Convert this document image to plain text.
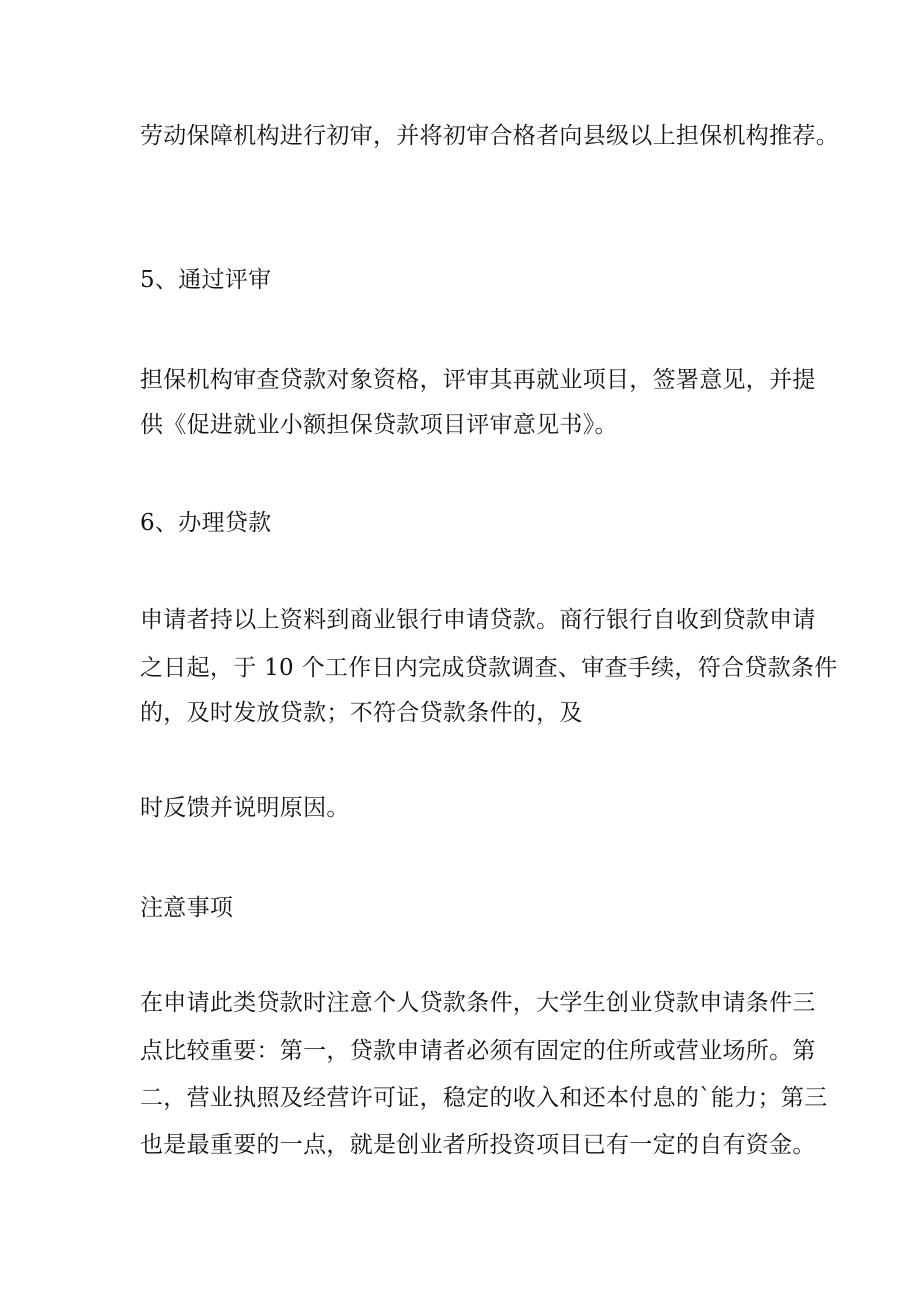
劳动保障机构进行初审，并将初审合格者向县级以上担保机构推荐。

5、通过评审

担保机构审查贷款对象资格，评审其再就业项目，签署意见，并提

供《促进就业小额担保贷款项目评审意见书》。

6、办理贷款

申请者持以上资料到商业银行申请贷款。商行银行自收到贷款申请

之日起，于 10 个工作日内完成贷款调查、审查手续，符合贷款条件

的，及时发放贷款；不符合贷款条件的，及

时反馈并说明原因。

注意事项

在申请此类贷款时注意个人贷款条件，大学生创业贷款申请条件三

点比较重要：第一，贷款申请者必须有固定的住所或营业场所。第

二，营业执照及经营许可证，稳定的收入和还本付息的`能力；第三

也是最重要的一点，就是创业者所投资项目已有一定的自有资金。
